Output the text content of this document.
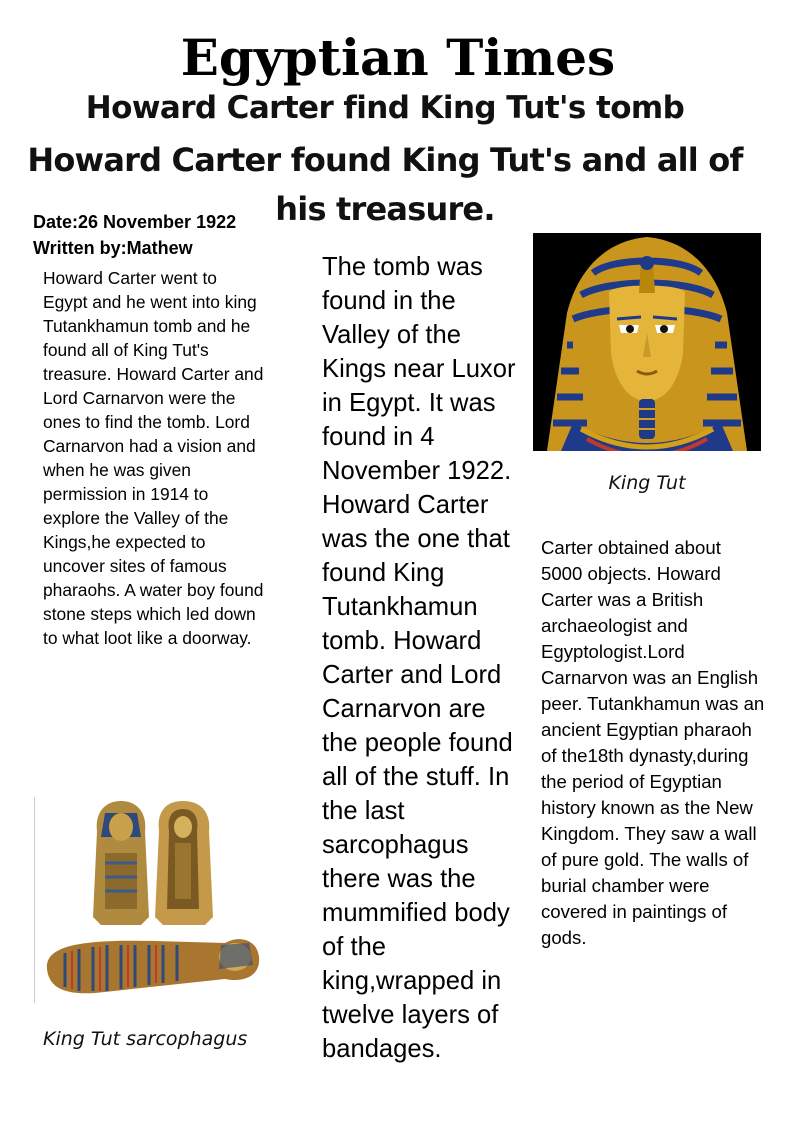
Egyptian Times
Howard Carter find King Tut's tomb
Howard Carter found King Tut's and all of his treasure.
Date:26 November 1922
Written by:Mathew
Howard Carter went to Egypt and he went into king Tutankhamun tomb and he found all of King Tut's treasure. Howard Carter and Lord Carnarvon were the ones to find the tomb. Lord Carnarvon had a vision and when he was given permission in 1914 to explore the Valley of the Kings,he expected to uncover sites of famous pharaohs. A water boy found stone steps which led down to what loot like a doorway.
The tomb was found in the Valley of the Kings near Luxor in Egypt. It was found in 4 November 1922. Howard Carter was the one that found King Tutankhamun tomb. Howard Carter and Lord Carnarvon are the people found all of the stuff. In the last sarcophagus there was the mummified body of the king,wrapped in twelve layers of bandages.
Carter obtained about 5000 objects. Howard Carter was a British archaeologist and Egyptologist.Lord Carnarvon was an English peer. Tutankhamun was an ancient Egyptian pharaoh of the18th dynasty,during the period of Egyptian history known as the New Kingdom. They saw a wall of pure gold. The walls of burial chamber were covered in paintings of gods.
King Tut
King Tut sarcophagus
